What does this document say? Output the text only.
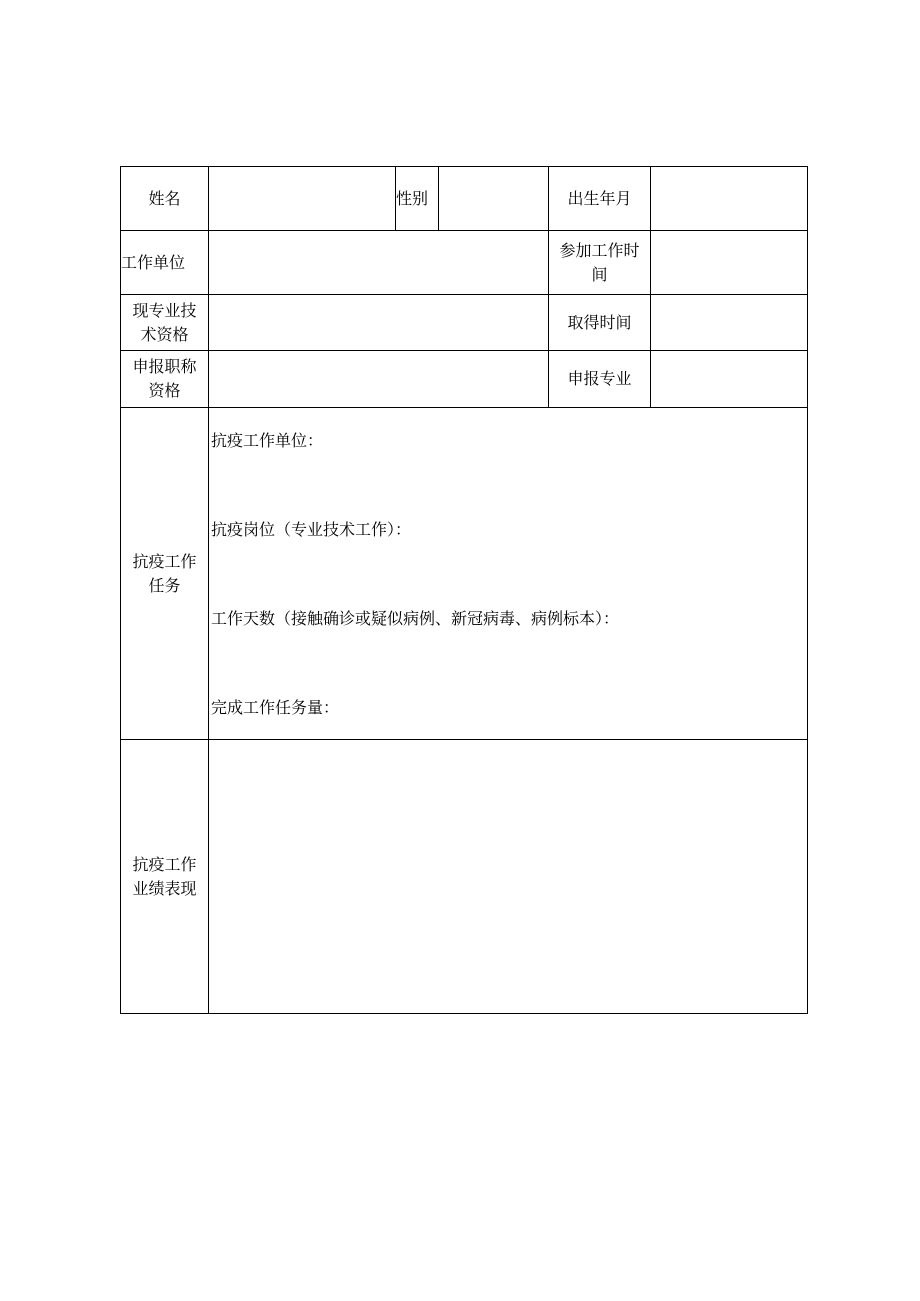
姓名	性别	出生年月
工作单位
参加工作时
间
现专业技
术资格
取得时间
申报职称
资格
申报专业
抗疫工作
任务
抗疫工作单位：
抗疫岗位（专业技术工作）：
工作天数（接触确诊或疑似病例、新冠病毒、病例标本）：
完成工作任务量：
抗疫工作
业绩表现
